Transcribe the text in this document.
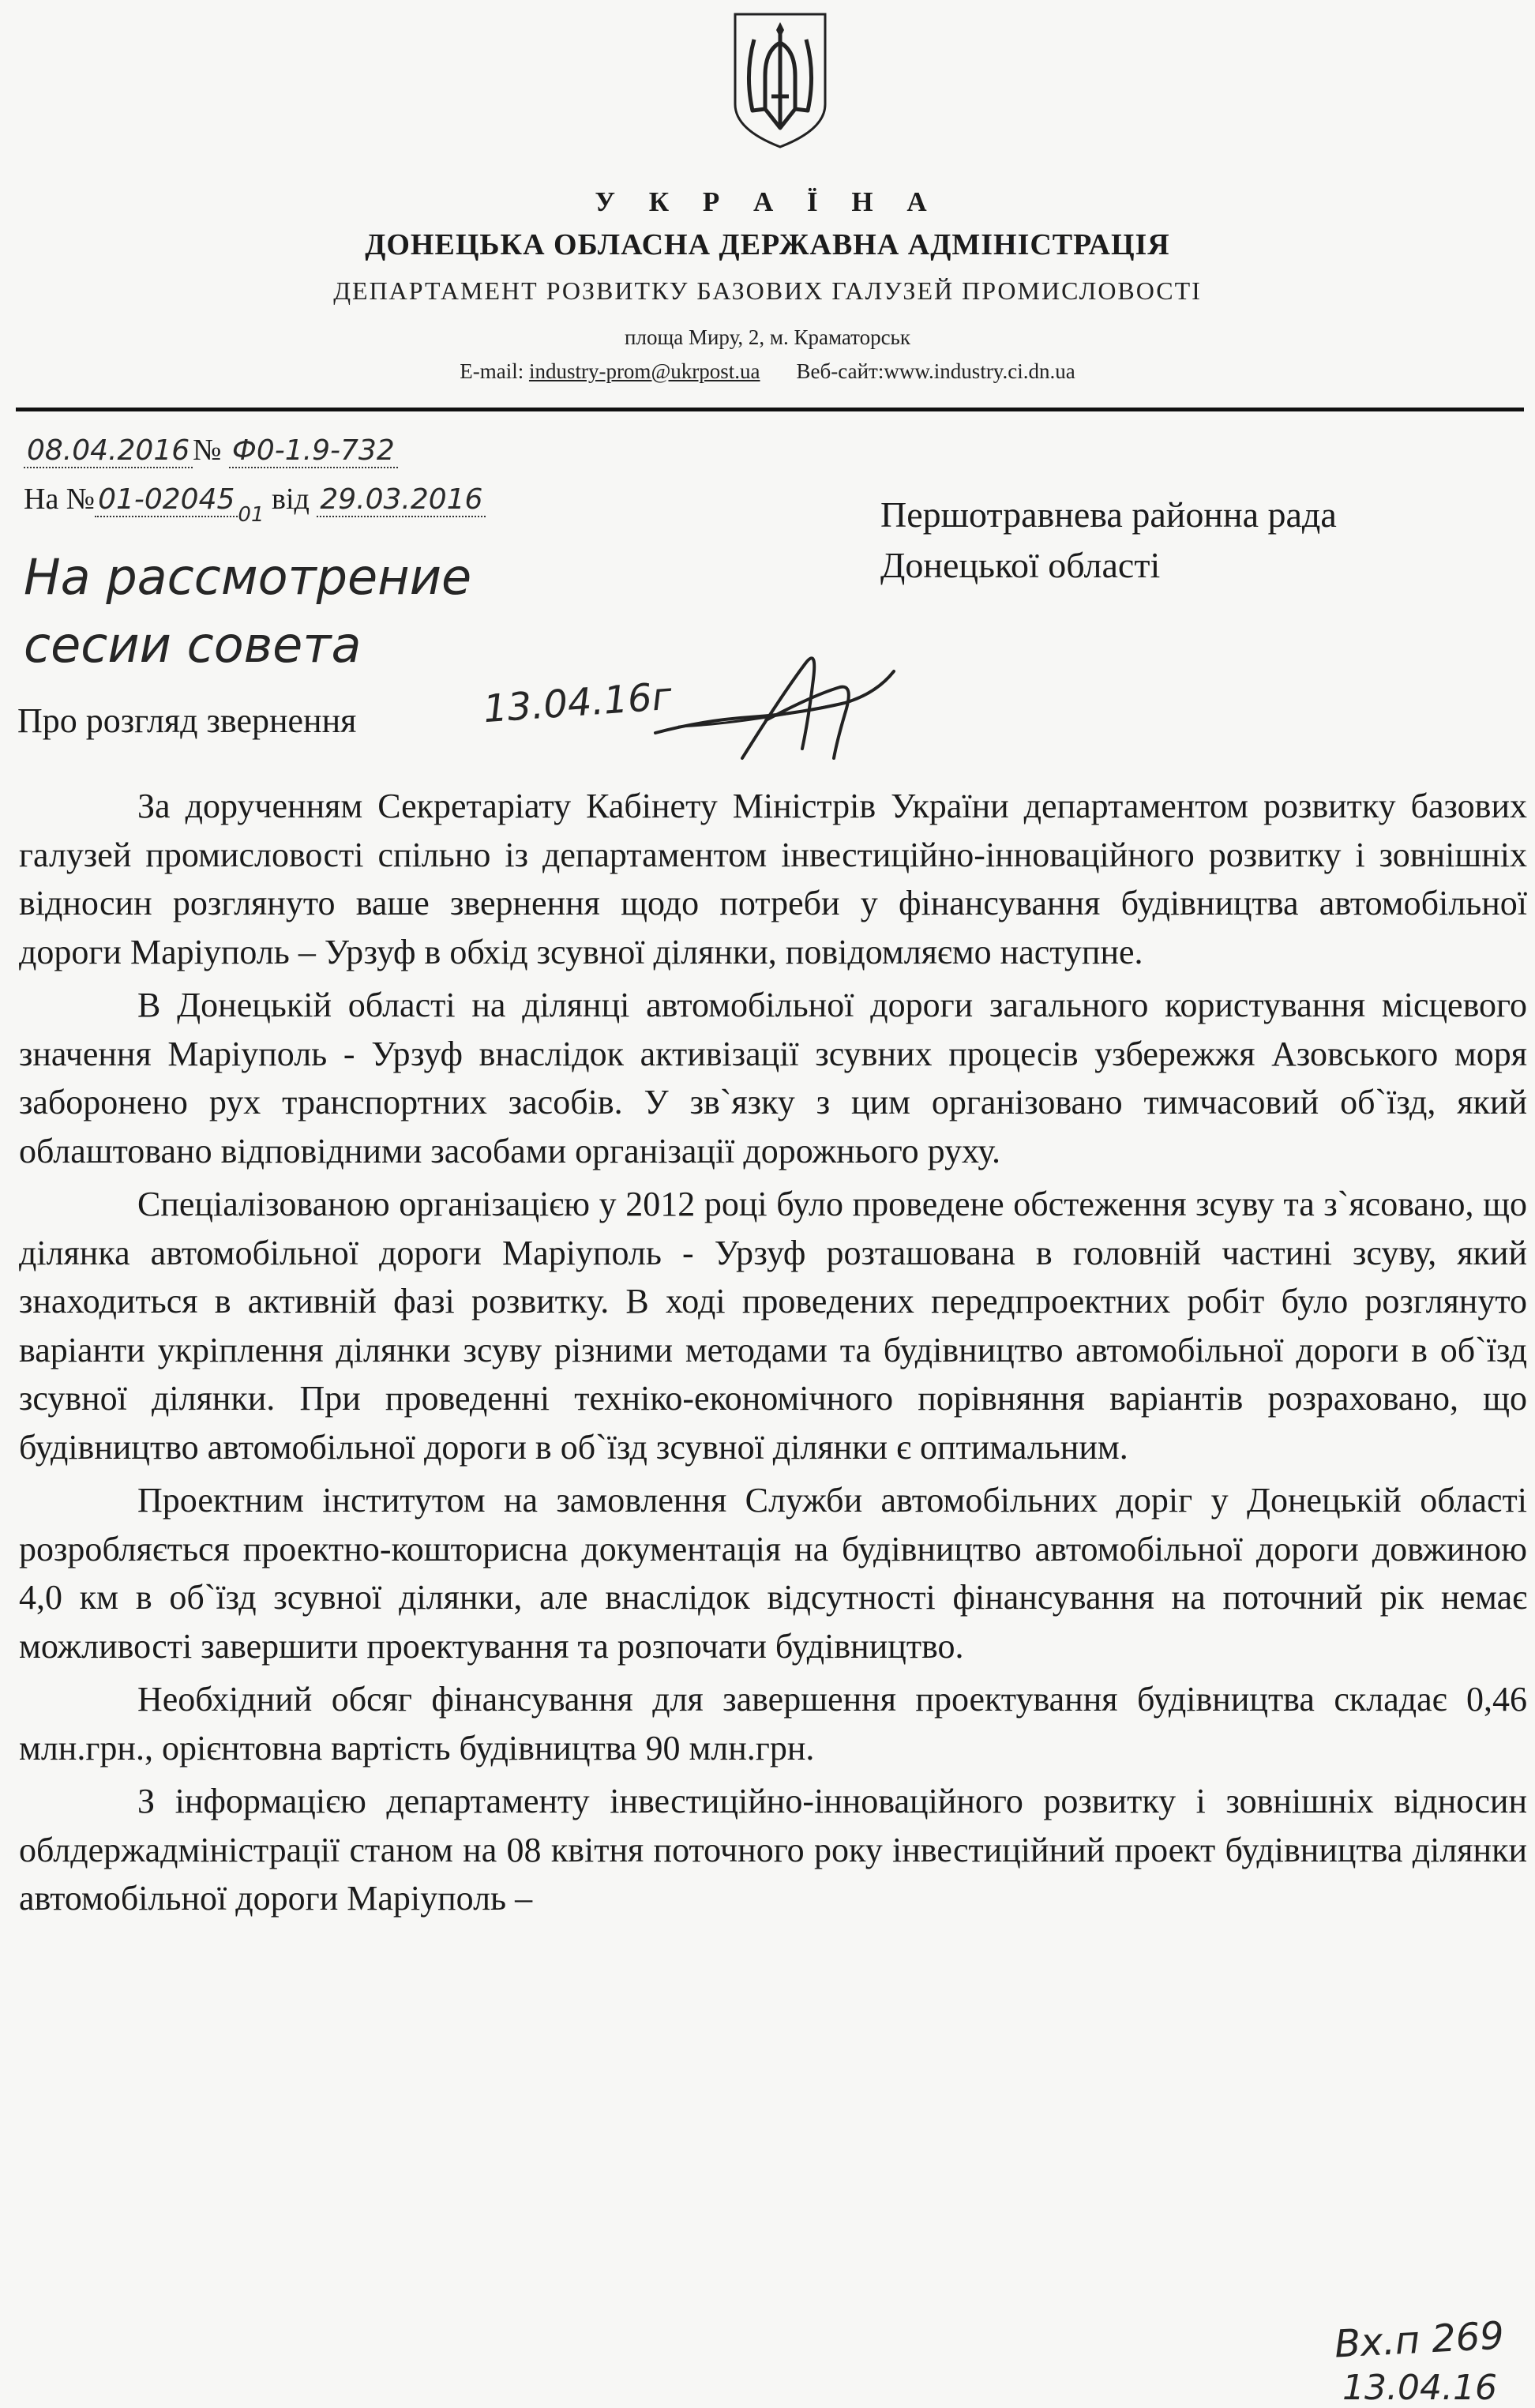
У К Р А Ї Н А
ДОНЕЦЬКА ОБЛАСНА ДЕРЖАВНА АДМІНІСТРАЦІЯ
ДЕПАРТАМЕНТ РОЗВИТКУ БАЗОВИХ ГАЛУЗЕЙ ПРОМИСЛОВОСТІ
площа Миру, 2, м. Краматорськ
E-mail: industry-prom@ukrpost.ua Веб-сайт:www.industry.ci.dn.ua
08.04.2016 № Ф0-1.9-732
На № 01-02045 $_{01}$ від 29.03.2016	Першотравнева районна рада
Донецької області
На рассмотрение
сесии совета
Про розгляд звернення	13.04.16г

За дорученням Секретаріату Кабінету Міністрів України департаментом розвитку базових галузей промисловості спільно із департаментом інвестиційно-інноваційного розвитку і зовнішніх відносин розглянуто ваше звернення щодо потреби у фінансування будівництва автомобільної дороги Маріуполь – Урзуф в обхід зсувної ділянки, повідомляємо наступне.

В Донецькій області на ділянці автомобільної дороги загального користування місцевого значення Маріуполь - Урзуф внаслідок активізації зсувних процесів узбережжя Азовського моря заборонено рух транспортних засобів. У зв`язку з цим організовано тимчасовий об`їзд, який облаштовано відповідними засобами організації дорожнього руху.

Спеціалізованою організацією у 2012 році було проведене обстеження зсуву та з`ясовано, що ділянка автомобільної дороги Маріуполь - Урзуф розташована в головній частині зсуву, який знаходиться в активній фазі розвитку. В ході проведених передпроектних робіт було розглянуто варіанти укріплення ділянки зсуву різними методами та будівництво автомобільної дороги в об`їзд зсувної ділянки. При проведенні техніко-економічного порівняння варіантів розраховано, що будівництво автомобільної дороги в об`їзд зсувної ділянки є оптимальним.

Проектним інститутом на замовлення Служби автомобільних доріг у Донецькій області розробляється проектно-кошторисна документація на будівництво автомобільної дороги довжиною 4,0 км в об`їзд зсувної ділянки, але внаслідок відсутності фінансування на поточний рік немає можливості завершити проектування та розпочати будівництво.

Необхідний обсяг фінансування для завершення проектування будівництва складає 0,46 млн.грн., орієнтовна вартість будівництва 90 млн.грн.

З інформацією департаменту інвестиційно-інноваційного розвитку і зовнішніх відносин облдержадміністрації станом на 08 квітня поточного року інвестиційний проект будівництва ділянки автомобільної дороги Маріуполь –

Вх.п 269
13.04.16
